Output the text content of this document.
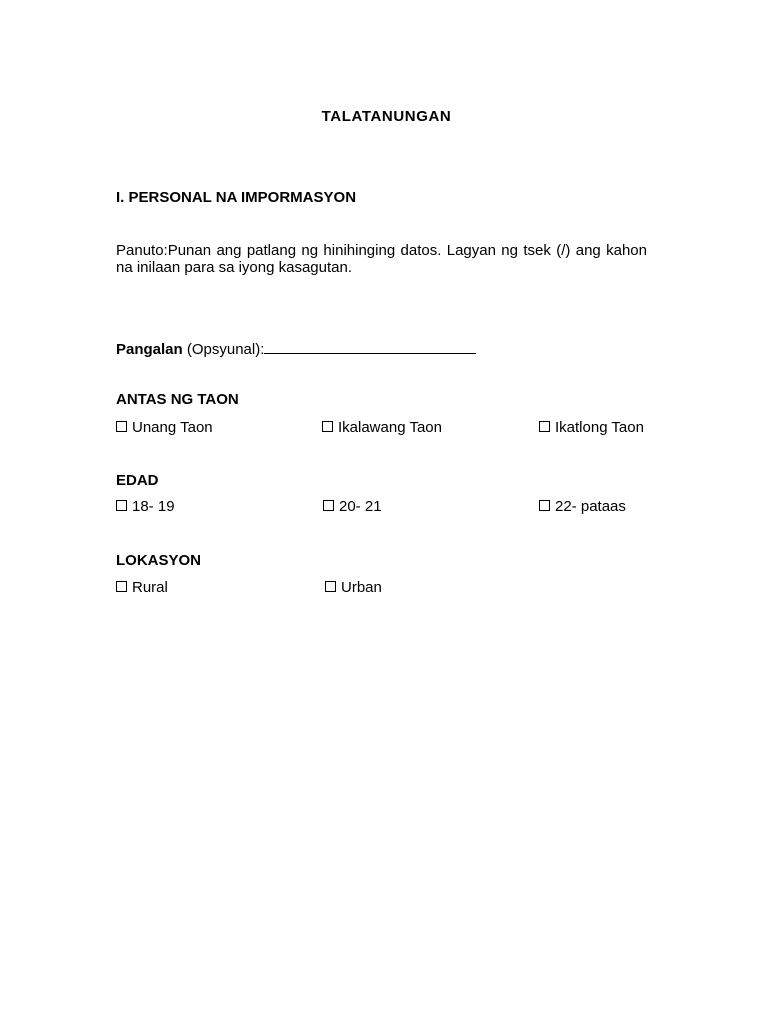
TALATANUNGAN
I. PERSONAL NA IMPORMASYON
Panuto:Punan ang patlang ng hinihinging datos. Lagyan ng tsek (/) ang kahon na inilaan para sa iyong kasagutan.
Pangalan (Opsyunal):
ANTAS NG TAON
Unang Taon	Ikalawang Taon	Ikatlong Taon
EDAD
18- 19	20- 21	22- pataas
LOKASYON
Rural	Urban
